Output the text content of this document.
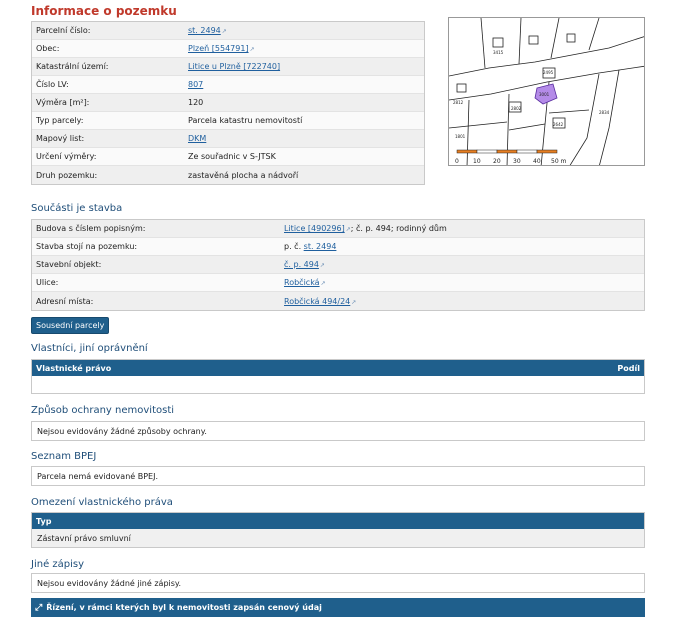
Informace o pozemku
Parcelní číslo:	st. 2494↗
Obec:	Plzeň [554791]↗
Katastrální území:	Litice u Plzně [722740]
Číslo LV:	807
Výměra [m²]:	120
Typ parcely:	Parcela katastru nemovitostí
Mapový list:	DKM
Určení výměry:	Ze souřadnic v S-JTSK
Druh pozemku:	zastavěná plocha a nádvoří
2495
3001
2812
2802
2642
3415
1801
2834
0 10 20 30 40 50 m
Součásti je stavba
Budova s číslem popisným:	Litice [490296]↗; č. p. 494; rodinný dům
Stavba stojí na pozemku:	p. č. st. 2494
Stavební objekt:	č. p. 494↗
Ulice:	Robčická↗
Adresní místa:	Robčická 494/24↗
Sousední parcely
Vlastníci, jiní oprávnění
Vlastnické právo	Podíl
Způsob ochrany nemovitosti
Nejsou evidovány žádné způsoby ochrany.
Seznam BPEJ
Parcela nemá evidované BPEJ.
Omezení vlastnického práva
Typ
Zástavní právo smluvní
Jiné zápisy
Nejsou evidovány žádné jiné zápisy.
⤢ Řízení, v rámci kterých byl k nemovitosti zapsán cenový údaj
